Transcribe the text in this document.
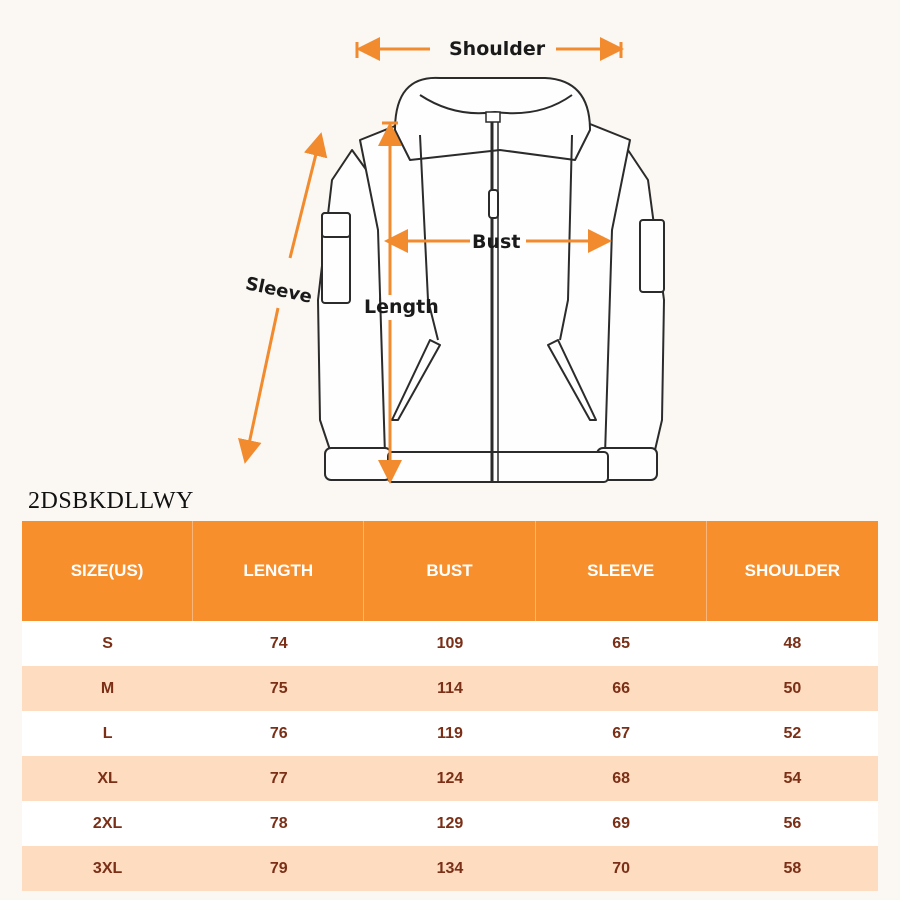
Shoulder
Bust
Length
Sleeve
2DSBKDLLWY
SIZE(US)	LENGTH	BUST	SLEEVE	SHOULDER
S	74	109	65	48
M	75	114	66	50
L	76	119	67	52
XL	77	124	68	54
2XL	78	129	69	56
3XL	79	134	70	58
